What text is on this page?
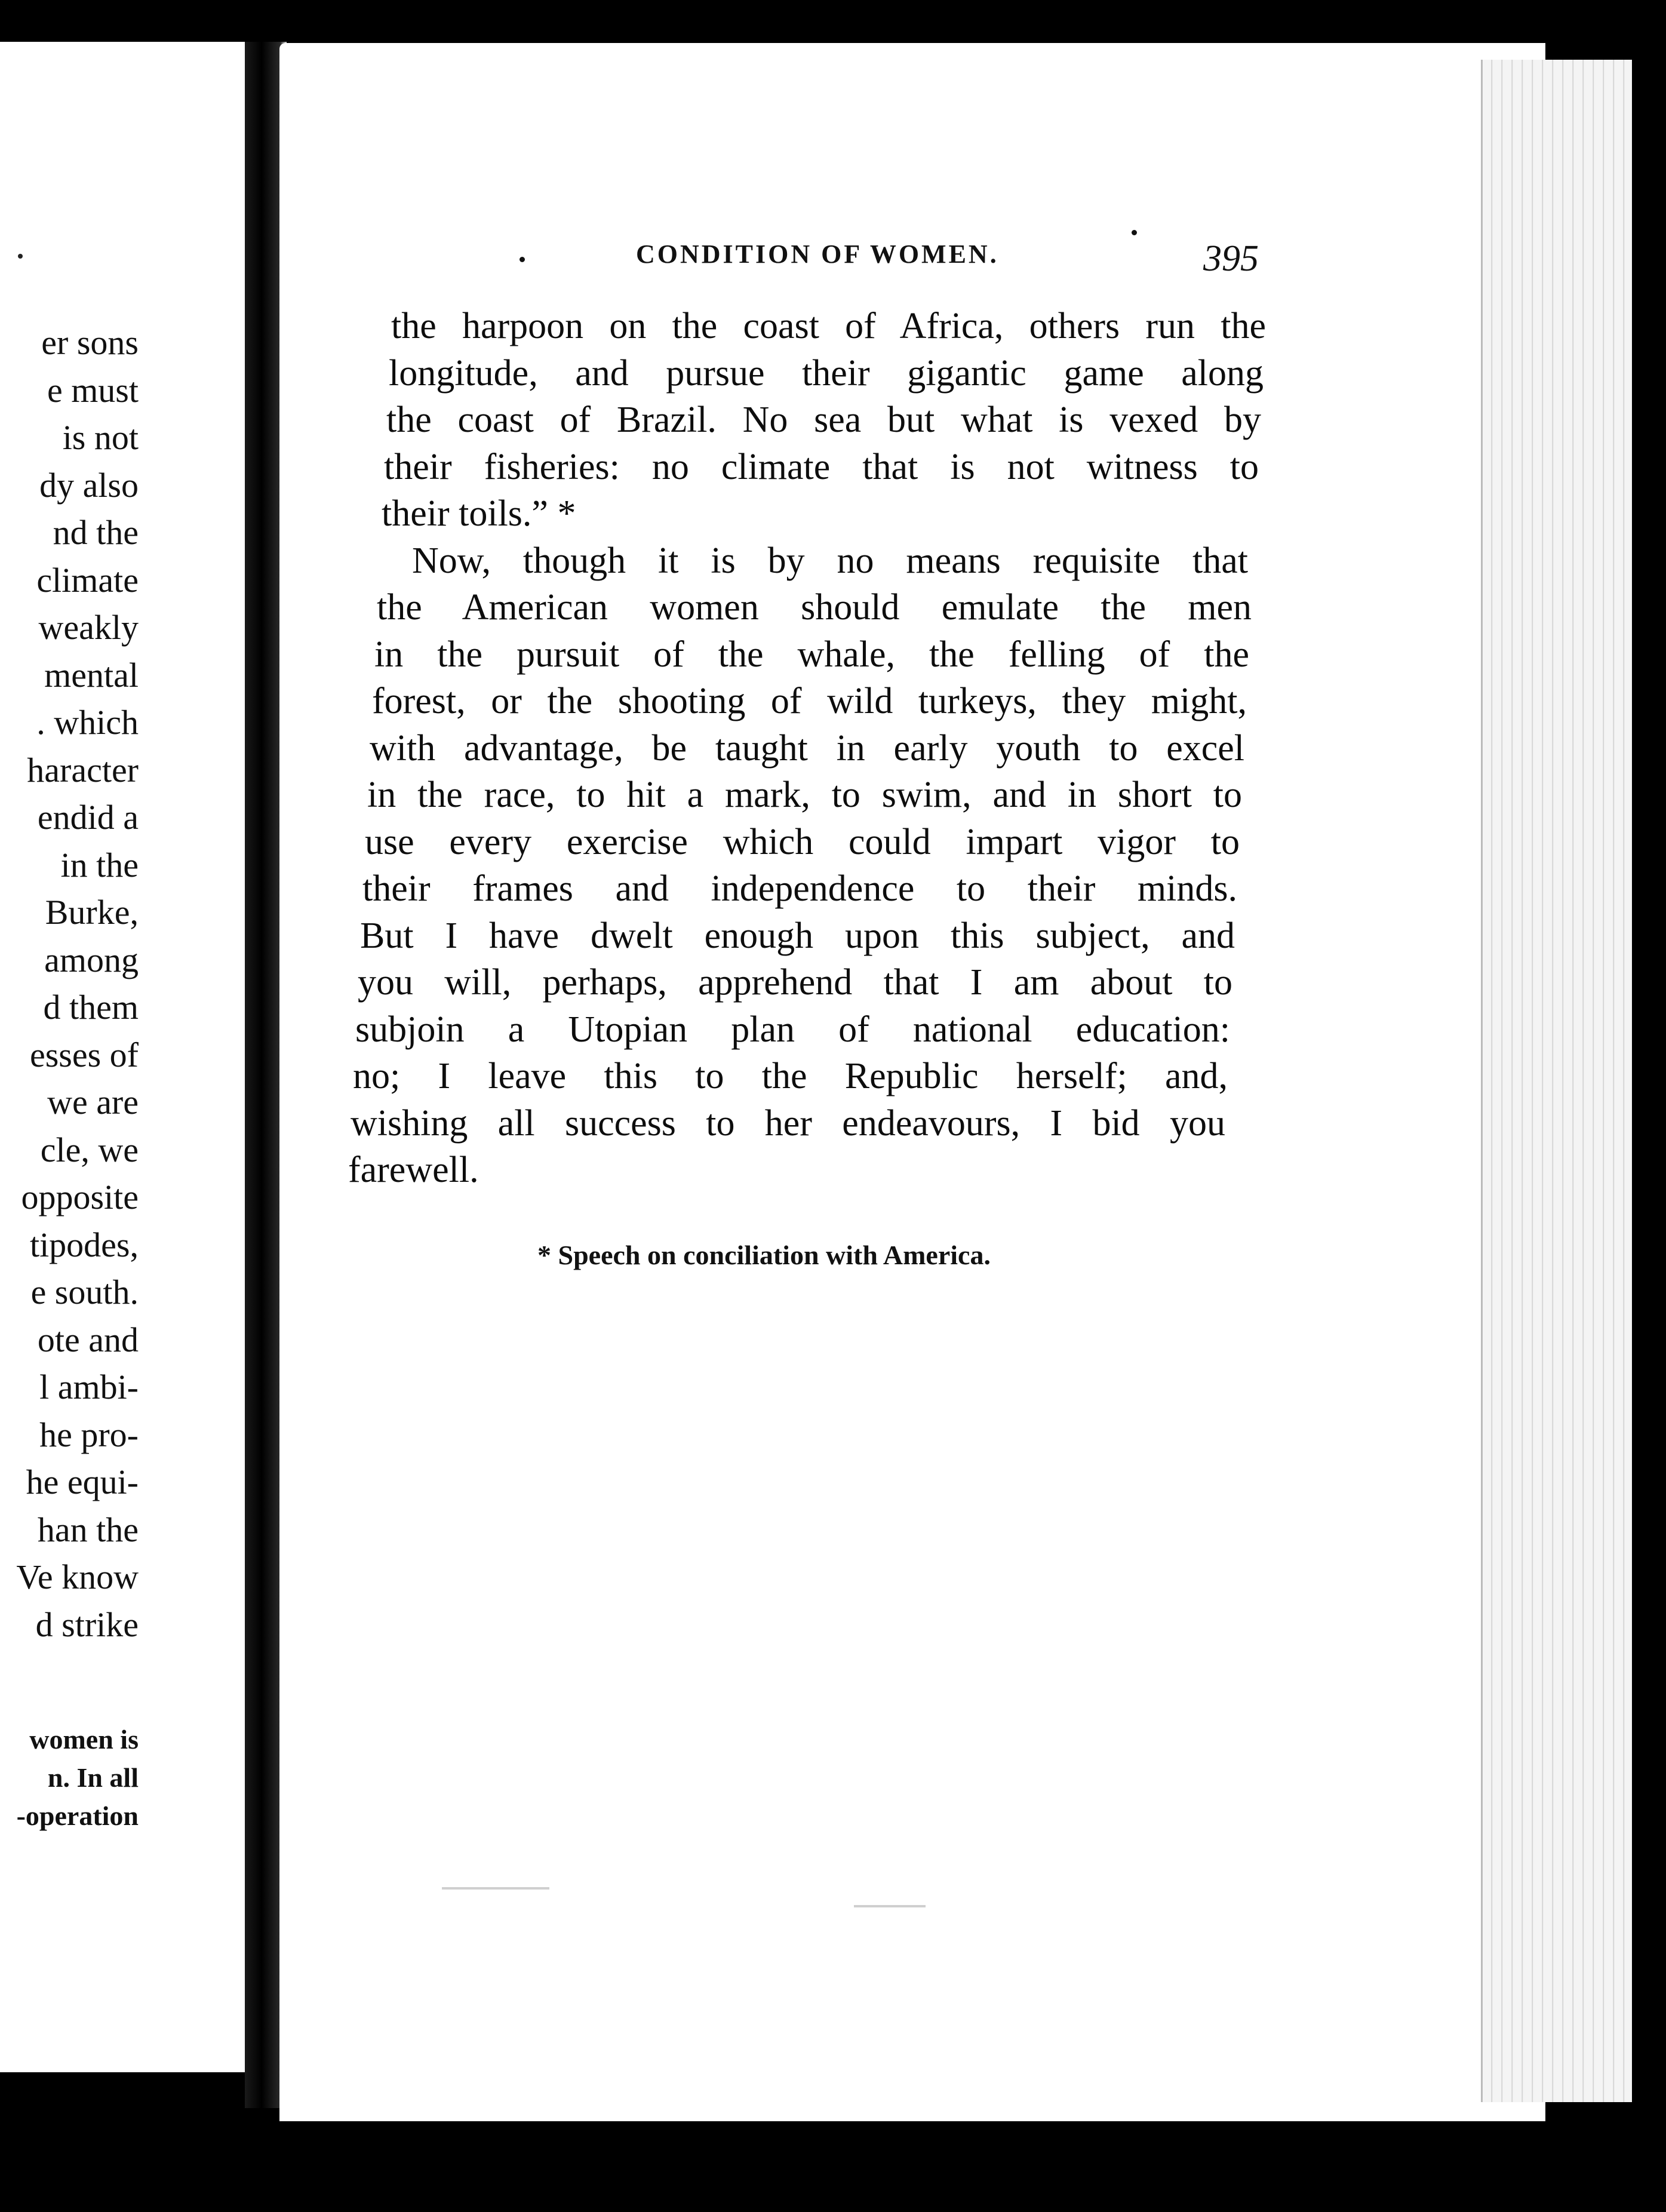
er sons
e must
is not
dy also
nd the
climate
weakly
mental
. which
haracter
endid a
in the
Burke,
among
d them
esses of
we are
cle, we
opposite
tipodes,
e south.
ote and
l ambi-
he pro-
he equi-
han the
Ve know
d strike
women is
n. In all
-operation
CONDITION OF WOMEN.	395
the harpoon on the coast of Africa, others run the
longitude, and pursue their gigantic game along
the coast of Brazil. No sea but what is vexed by
their fisheries: no climate that is not witness to
their toils.” *
Now, though it is by no means requisite that
the American women should emulate the men
in the pursuit of the whale, the felling of the
forest, or the shooting of wild turkeys, they might,
with advantage, be taught in early youth to excel
in the race, to hit a mark, to swim, and in short to
use every exercise which could impart vigor to
their frames and independence to their minds.
But I have dwelt enough upon this subject, and
you will, perhaps, apprehend that I am about to
subjoin a Utopian plan of national education:
no; I leave this to the Republic herself; and,
wishing all success to her endeavours, I bid you
farewell.
* Speech on conciliation with America.
